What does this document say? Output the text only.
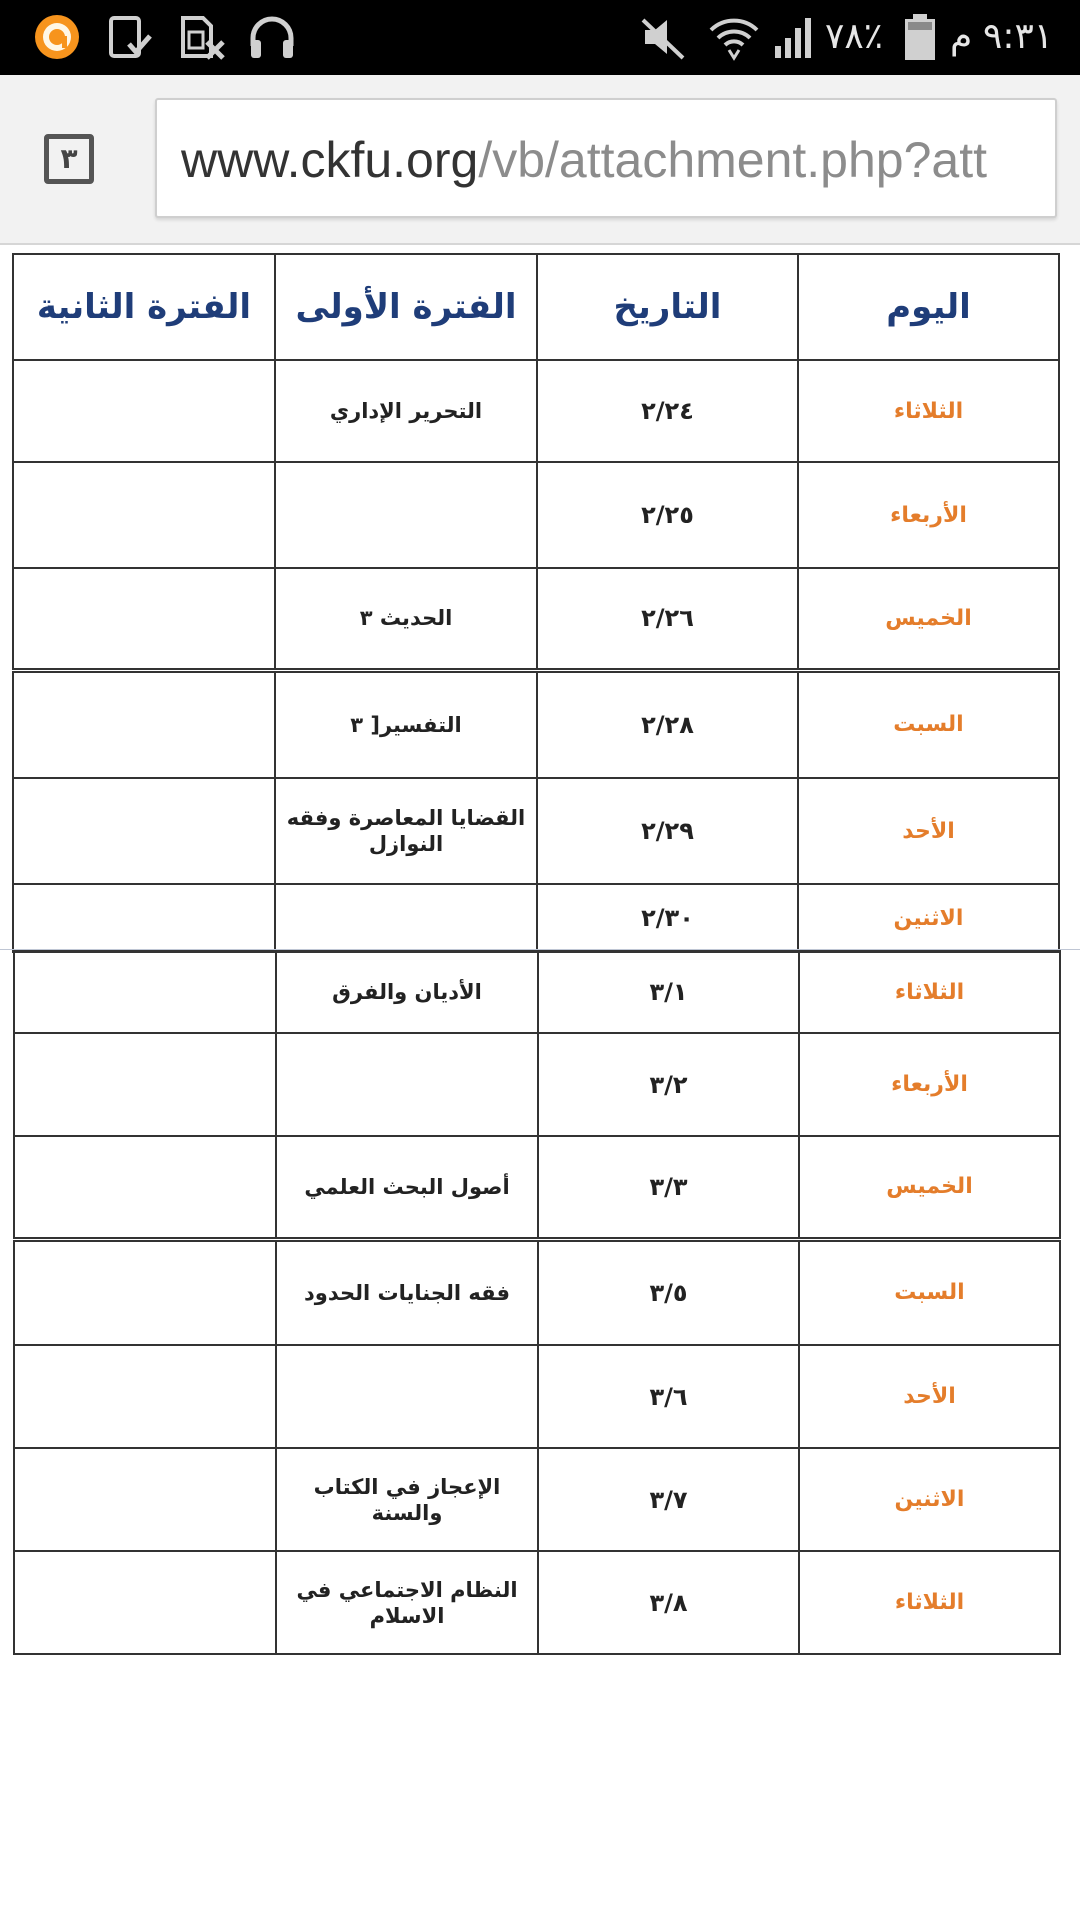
٧٨٪ م ٩:٣١
٣	www.ckfu.org/vb/attachment.php?att
اليوم	التاريخ	الفترة الأولى	الفترة الثانية
الثلاثاء	٢/٢٤	التحرير الإداري	
الأربعاء	٢/٢٥		
الخميس	٢/٢٦	الحديث ٣	
السبت	٢/٢٨	التفسير[ ٣	
الأحد	٢/٢٩	القضايا المعاصرة وفقه النوازل	
الاثنين	٢/٣٠		
الثلاثاء	٣/١	الأديان والفرق	
الأربعاء	٣/٢		
الخميس	٣/٣	أصول البحث العلمي	
السبت	٣/٥	فقه الجنايات الحدود	
الأحد	٣/٦		
الاثنين	٣/٧	الإعجاز في الكتاب والسنة	
الثلاثاء	٣/٨	النظام الاجتماعي في الاسلام	
